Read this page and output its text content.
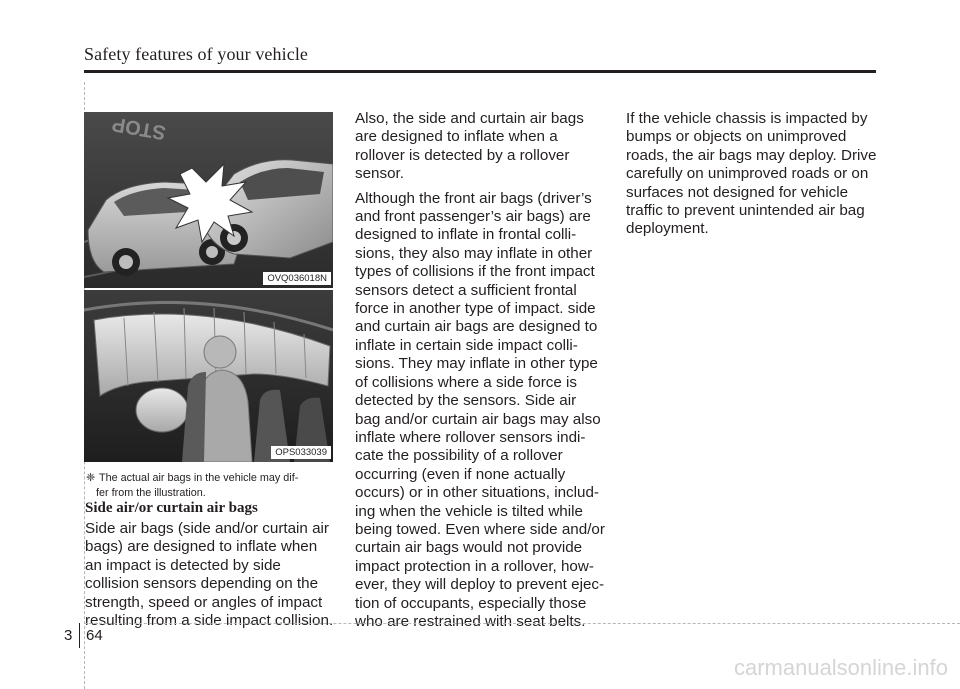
Safety features of your vehicle
STOP
OVQ036018N
OPS033039
❈ The actual air bags in the vehicle may dif-
fer from the illustration.
Side air/or curtain air bags

Side air bags (side and/or curtain air bags) are designed to inflate when an impact is detected by side collision sensors depending on the strength, speed or angles of impact resulting from a side impact collision.

Also, the side and curtain air bags are designed to inflate when a rollover is detected by a rollover sensor.

Although the front air bags (driver’s and front passenger’s air bags) are designed to inflate in frontal colli-sions, they also may inflate in other types of collisions if the front impact sensors detect a sufficient frontal force in another type of impact. side and curtain air bags are designed to inflate in certain side impact colli-sions. They may inflate in other type of collisions where a side force is detected by the sensors. Side air bag and/or curtain air bags may also inflate where rollover sensors indi-cate the possibility of a rollover occurring (even if none actually occurs) or in other situations, includ-ing when the vehicle is tilted while being towed. Even where side and/or curtain air bags would not provide impact protection in a rollover, how-ever, they will deploy to prevent ejec-tion of occupants, especially those who are restrained with seat belts.

If the vehicle chassis is impacted by bumps or objects on unimproved roads, the air bags may deploy. Drive carefully on unimproved roads or on surfaces not designed for vehicle traffic to prevent unintended air bag deployment.

3 64
carmanualsonline.info
